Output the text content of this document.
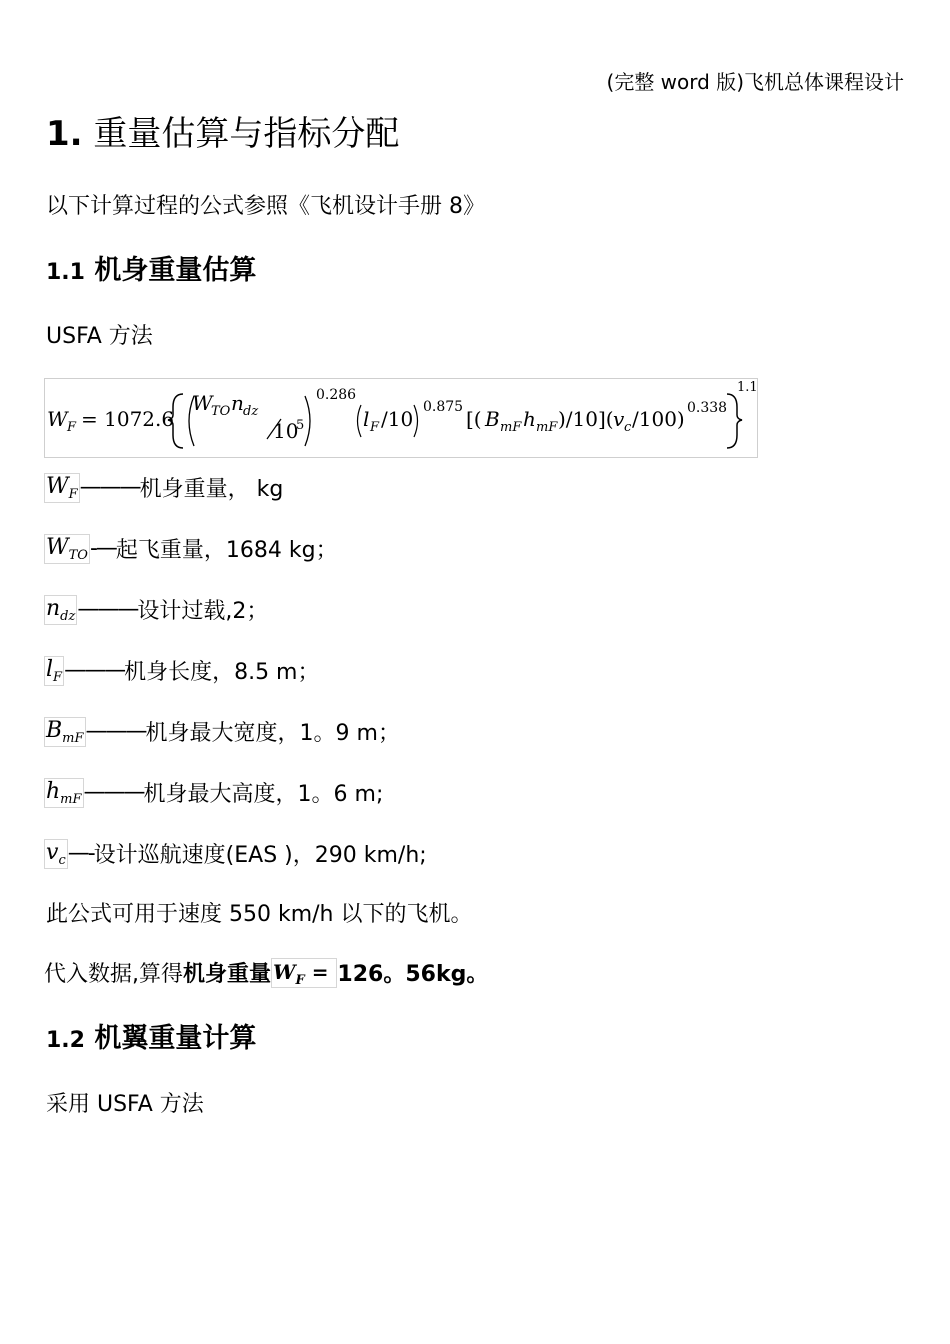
(完整 word 版)飞机总体课程设计
1. 重量估算与指标分配
以下计算过程的公式参照《飞机设计手册 8》
1.1 机身重量估算
USFA 方法
W F = 1072.6
W
TO n dz
10
5
0.286
l F /10 0.875 [( B mF h mF )/10]( v c /100) 0.338
1.1
$W_F$ ——— 机身重量， kg
$W_{TO}$ -— 起飞重量，1684 kg；
$n_{dz}$ ——— 设计过载,2；
$l_F$ ——— 机身长度，8.5 m；
$B_{mF}$ ——— 机身最大宽度，1。9 m；
$h_{mF}$ ——— 机身最大高度，1。6 m;
$v_c$ —- 设计巡航速度(EAS )，290 km/h;
此公式可用于速度 550 km/h 以下的飞机。
代入数据,算得 机身重量 $W_F = 126$。56kg。
1.2 机翼重量计算
采用 USFA 方法
